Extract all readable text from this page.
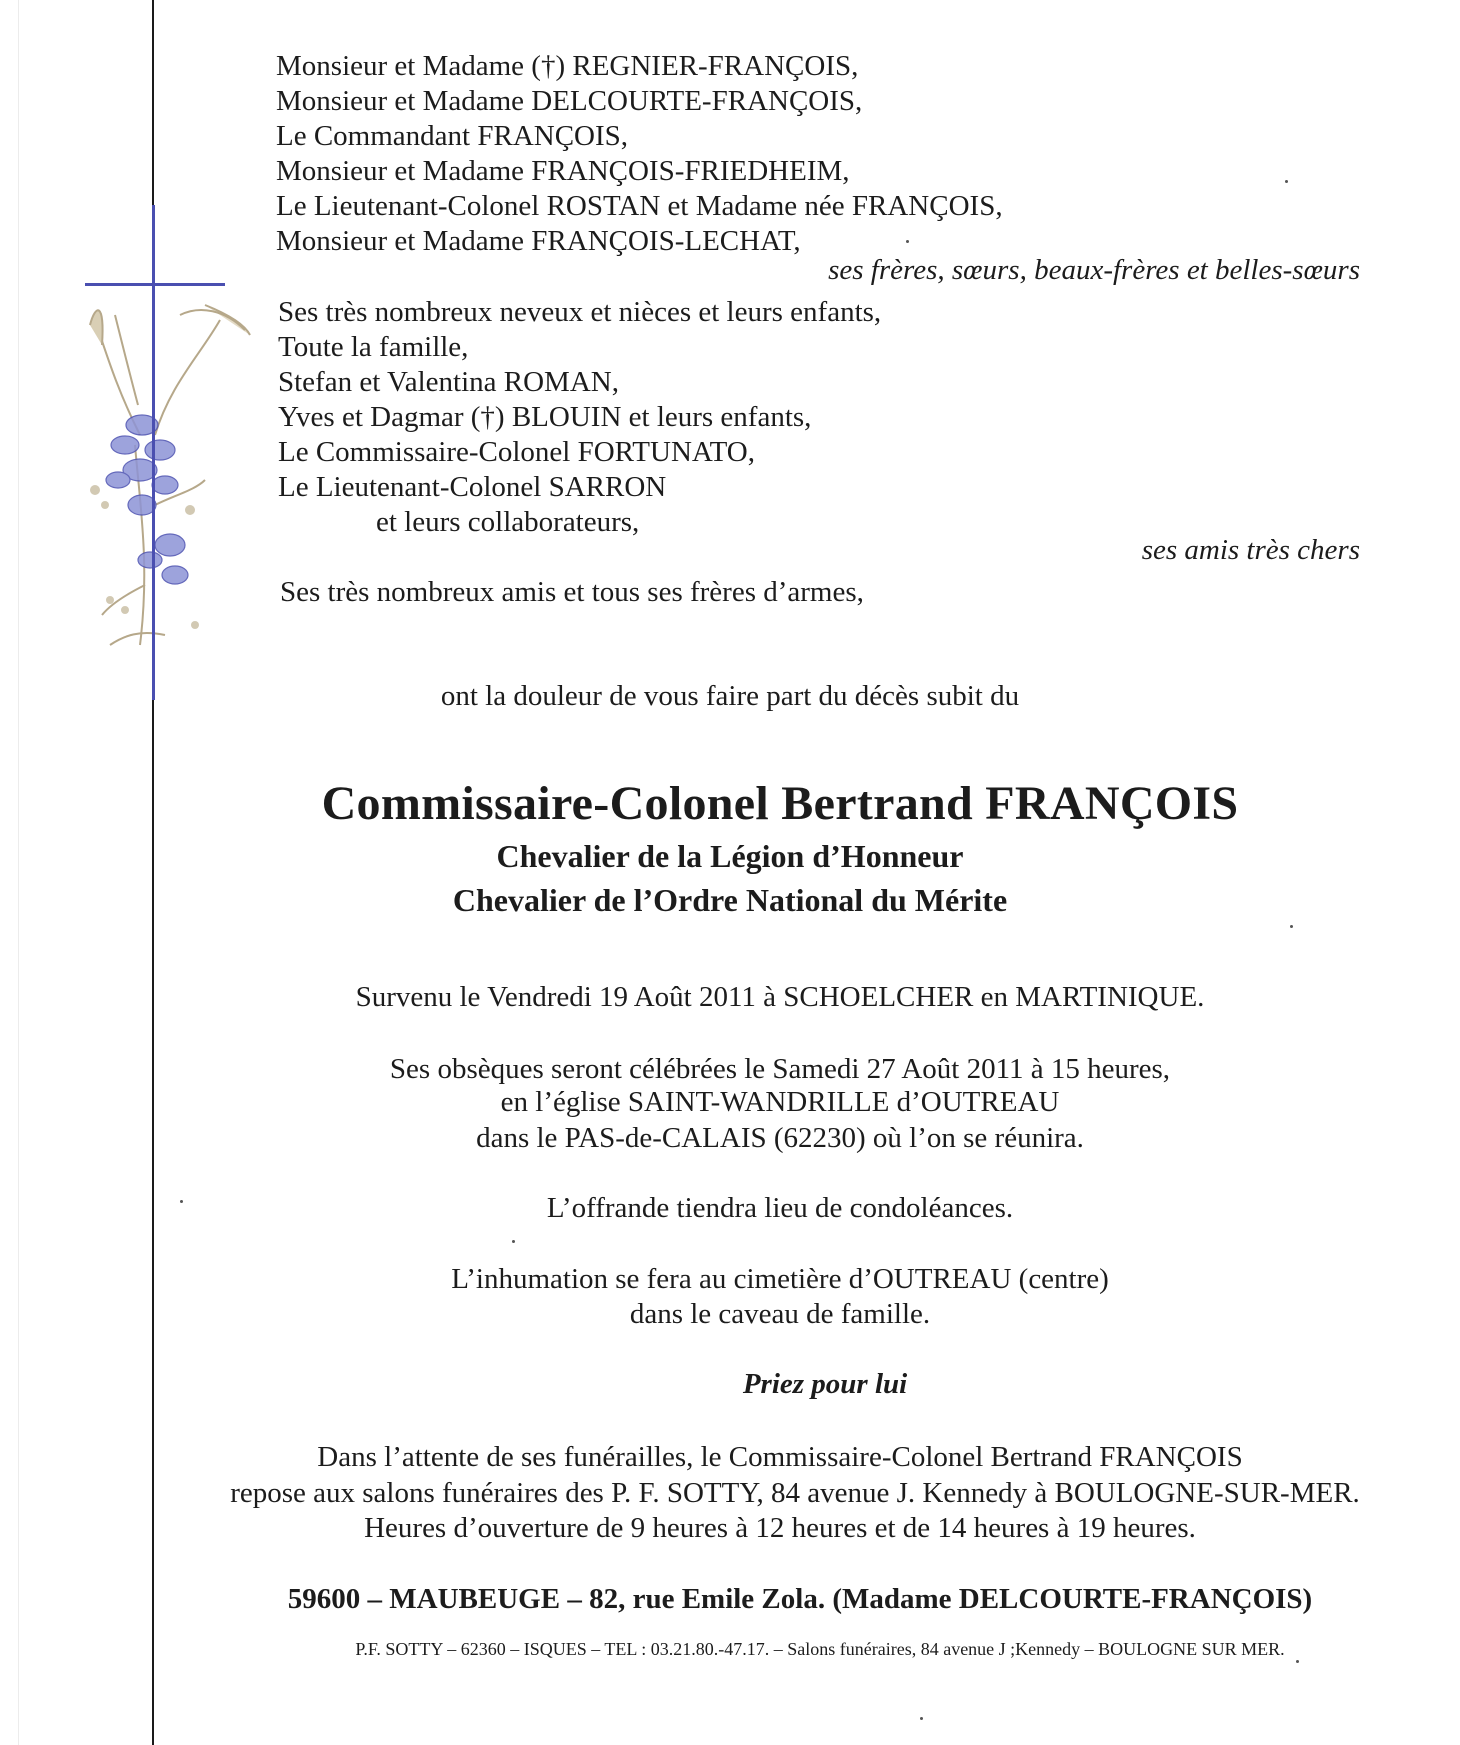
Monsieur et Madame (†) REGNIER-FRANÇOIS,
Monsieur et Madame DELCOURTE-FRANÇOIS,
Le Commandant FRANÇOIS,
Monsieur et Madame FRANÇOIS-FRIEDHEIM,
Le Lieutenant-Colonel ROSTAN et Madame née FRANÇOIS,
Monsieur et Madame FRANÇOIS-LECHAT,
ses frères, sœurs, beaux-frères et belles-sœurs
Ses très nombreux neveux et nièces et leurs enfants,
Toute la famille,
Stefan et Valentina ROMAN,
Yves et Dagmar (†) BLOUIN et leurs enfants,
Le Commissaire-Colonel FORTUNATO,
Le Lieutenant-Colonel SARRON
et leurs collaborateurs,
ses amis très chers
Ses très nombreux amis et tous ses frères d’armes,
ont la douleur de vous faire part du décès subit du
Commissaire-Colonel Bertrand FRANÇOIS
Chevalier de la Légion d’Honneur
Chevalier de l’Ordre National du Mérite
Survenu le Vendredi 19 Août 2011 à SCHOELCHER en MARTINIQUE.
Ses obsèques seront célébrées le Samedi 27 Août 2011 à 15 heures,
en l’église SAINT-WANDRILLE d’OUTREAU
dans le PAS-de-CALAIS (62230) où l’on se réunira.
L’offrande tiendra lieu de condoléances.
L’inhumation se fera au cimetière d’OUTREAU (centre)
dans le caveau de famille.
Priez pour lui
Dans l’attente de ses funérailles, le Commissaire-Colonel Bertrand FRANÇOIS
repose aux salons funéraires des P. F. SOTTY, 84 avenue J. Kennedy à BOULOGNE-SUR-MER.
Heures d’ouverture de 9 heures à 12 heures et de 14 heures à 19 heures.
59600 – MAUBEUGE – 82, rue Emile Zola. (Madame DELCOURTE-FRANÇOIS)
P.F. SOTTY – 62360 – ISQUES – TEL : 03.21.80.-47.17. – Salons funéraires, 84 avenue J ;Kennedy – BOULOGNE SUR MER.
